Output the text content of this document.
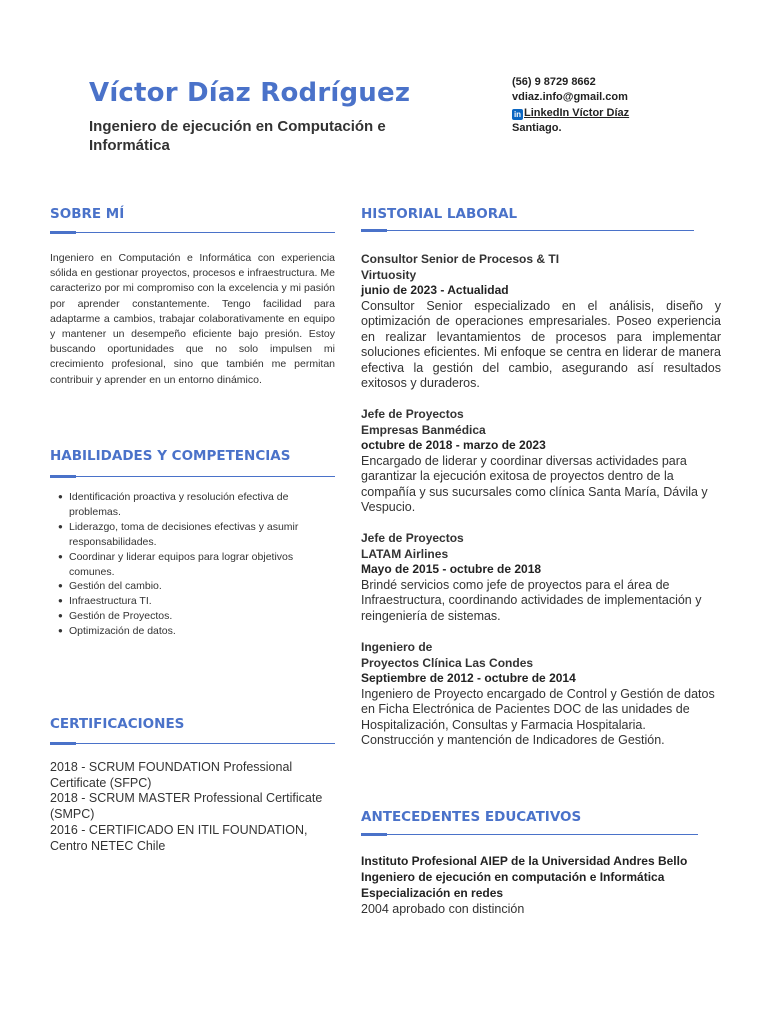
Víctor Díaz Rodríguez

Ingeniero de ejecución en Computación e Informática

(56) 9 8729 8662
vdiaz.info@gmail.com
in LinkedIn Víctor Díaz
Santiago.
SOBRE MÍ
Ingeniero en Computación e Informática con experiencia sólida en gestionar proyectos, procesos e infraestructura. Me caracterizo por mi compromiso con la excelencia y mi pasión por aprender constantemente. Tengo facilidad para adaptarme a cambios, trabajar colaborativamente en equipo y mantener un desempeño eficiente bajo presión. Estoy buscando oportunidades que no solo impulsen mi crecimiento profesional, sino que también me permitan contribuir y aprender en un entorno dinámico.
HABILIDADES Y COMPETENCIAS
● Identificación proactiva y resolución efectiva de problemas.
● Liderazgo, toma de decisiones efectivas y asumir responsabilidades.
● Coordinar y liderar equipos para lograr objetivos comunes.
● Gestión del cambio.
● Infraestructura TI.
● Gestión de Proyectos.
● Optimización de datos.
CERTIFICACIONES
2018 - SCRUM FOUNDATION Professional Certificate (SFPC)
2018 - SCRUM MASTER Professional Certificate (SMPC)
2016 - CERTIFICADO EN ITIL FOUNDATION, Centro NETEC Chile
HISTORIAL LABORAL
Consultor Senior de Procesos & TI
Virtuosity
junio de 2023 - Actualidad
Consultor Senior especializado en el análisis, diseño y optimización de operaciones empresariales. Poseo experiencia en realizar levantamientos de procesos para implementar soluciones eficientes. Mi enfoque se centra en liderar de manera efectiva la gestión del cambio, asegurando así resultados exitosos y duraderos.
Jefe de Proyectos
Empresas Banmédica
octubre de 2018 - marzo de 2023
Encargado de liderar y coordinar diversas actividades para garantizar la ejecución exitosa de proyectos dentro de la compañía y sus sucursales como clínica Santa María, Dávila y Vespucio.
Jefe de Proyectos
LATAM Airlines
Mayo de 2015 - octubre de 2018
Brindé servicios como jefe de proyectos para el área de Infraestructura, coordinando actividades de implementación y reingeniería de sistemas.
Ingeniero de
Proyectos Clínica Las Condes
Septiembre de 2012 - octubre de 2014
Ingeniero de Proyecto encargado de Control y Gestión de datos en Ficha Electrónica de Pacientes DOC de las unidades de Hospitalización, Consultas y Farmacia Hospitalaria. Construcción y mantención de Indicadores de Gestión.
ANTECEDENTES EDUCATIVOS
Instituto Profesional AIEP de la Universidad Andres Bello
Ingeniero de ejecución en computación e Informática
Especialización en redes
2004 aprobado con distinción
